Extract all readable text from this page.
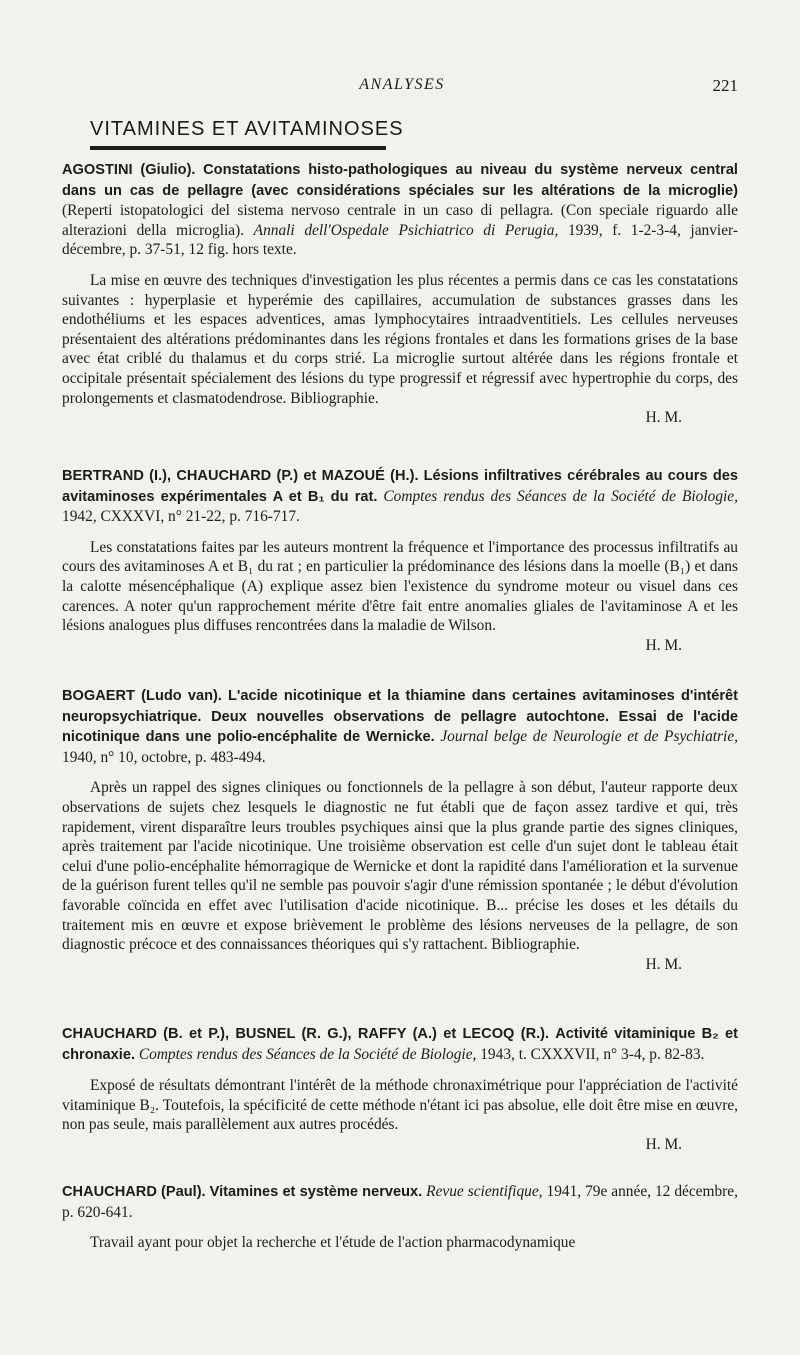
ANALYSES	221
VITAMINES ET AVITAMINOSES
AGOSTINI (Giulio). Constatations histo-pathologiques au niveau du système nerveux central dans un cas de pellagre (avec considérations spéciales sur les altérations de la microglie) (Reperti istopatologici del sistema nervoso centrale in un caso di pellagra. (Con speciale riguardo alle alterazioni della microglia). Annali dell'Ospedale Psichiatrico di Perugia, 1939, f. 1-2-3-4, janvier-décembre, p. 37-51, 12 fig. hors texte.
La mise en œuvre des techniques d'investigation les plus récentes a permis dans ce cas les constatations suivantes : hyperplasie et hyperémie des capillaires, accumulation de substances grasses dans les endothéliums et les espaces adventices, amas lymphocytaires intraadventitiels. Les cellules nerveuses présentaient des altérations prédominantes dans les régions frontales et dans les formations grises de la base avec état criblé du thalamus et du corps strié. La microglie surtout altérée dans les régions frontale et occipitale présentait spécialement des lésions du type progressif et régressif avec hypertrophie du corps, des prolongements et clasmatodendrose. Bibliographie.
H. M.
BERTRAND (I.), CHAUCHARD (P.) et MAZOUÉ (H.). Lésions infiltratives cérébrales au cours des avitaminoses expérimentales A et B₁ du rat. Comptes rendus des Séances de la Société de Biologie, 1942, CXXXVI, n° 21-22, p. 716-717.
Les constatations faites par les auteurs montrent la fréquence et l'importance des processus infiltratifs au cours des avitaminoses A et B₁ du rat ; en particulier la prédominance des lésions dans la moelle (B₁) et dans la calotte mésencéphalique (A) explique assez bien l'existence du syndrome moteur ou visuel dans ces carences. A noter qu'un rapprochement mérite d'être fait entre anomalies gliales de l'avitaminose A et les lésions analogues plus diffuses rencontrées dans la maladie de Wilson.
H. M.
BOGAERT (Ludo van). L'acide nicotinique et la thiamine dans certaines avitaminoses d'intérêt neuropsychiatrique. Deux nouvelles observations de pellagre autochtone. Essai de l'acide nicotinique dans une polio-encéphalite de Wernicke. Journal belge de Neurologie et de Psychiatrie, 1940, n° 10, octobre, p. 483-494.
Après un rappel des signes cliniques ou fonctionnels de la pellagre à son début, l'auteur rapporte deux observations de sujets chez lesquels le diagnostic ne fut établi que de façon assez tardive et qui, très rapidement, virent disparaître leurs troubles psychiques ainsi que la plus grande partie des signes cliniques, après traitement par l'acide nicotinique. Une troisième observation est celle d'un sujet dont le tableau était celui d'une polio-encéphalite hémorragique de Wernicke et dont la rapidité dans l'amélioration et la survenue de la guérison furent telles qu'il ne semble pas pouvoir s'agir d'une rémission spontanée ; le début d'évolution favorable coïncida en effet avec l'utilisation d'acide nicotinique. B... précise les doses et les détails du traitement mis en œuvre et expose brièvement le problème des lésions nerveuses de la pellagre, de son diagnostic précoce et des connaissances théoriques qui s'y rattachent. Bibliographie.
H. M.
CHAUCHARD (B. et P.), BUSNEL (R. G.), RAFFY (A.) et LECOQ (R.). Activité vitaminique B₂ et chronaxie. Comptes rendus des Séances de la Société de Biologie, 1943, t. CXXXVII, n° 3-4, p. 82-83.
Exposé de résultats démontrant l'intérêt de la méthode chronaximétrique pour l'appréciation de l'activité vitaminique B₂. Toutefois, la spécificité de cette méthode n'étant ici pas absolue, elle doit être mise en œuvre, non pas seule, mais parallèlement aux autres procédés.
H. M.
CHAUCHARD (Paul). Vitamines et système nerveux. Revue scientifique, 1941, 79e année, 12 décembre, p. 620-641.
Travail ayant pour objet la recherche et l'étude de l'action pharmacodynamique
